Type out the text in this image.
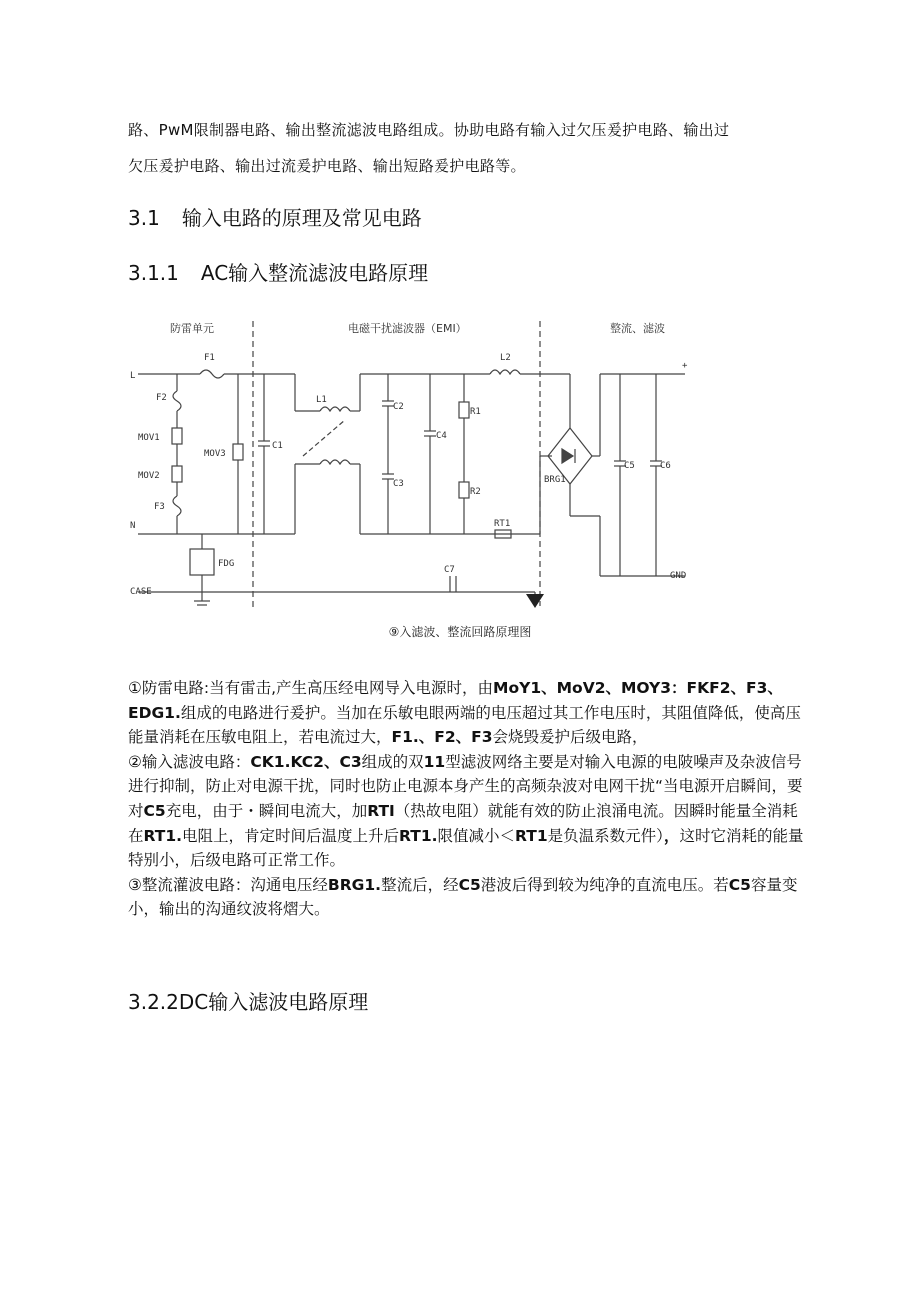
路、PwM限制器电路、输出整流滤波电路组成。协助电路有输入过欠压爰护电路、输出过
欠压爰护电路、输出过流爰护电路、输出短路爰护电路等。
3.1 输入电路的原理及常见电路
3.1.1 AC输入整流滤波电路原理
防雷单元	电磁干扰滤波器（EMI）	整流、滤波
L
N
CASE
GND
+
F1
F2
F3
MOV1
MOV2
MOV3
C1
L1
L2
C2
C3
C4
R1
R2
RT1
C7
BRG1
C5	C6
FDG
⑨入滤波、整流回路原理图

①防雷电路:当有雷击,产生高压经电网导入电源时，由MoY1、MoV2、MOY3：FKF2、F3、EDG1.组成的电路进行爰护。当加在乐敏电眼两端的电压超过其工作电压时，其阻值降低，使高压能量消耗在压敏电阻上，若电流过大，F1.、F2、F3会烧毁爰护后级电路，

②输入滤波电路：CK1.KC2、C3组成的双11型滤波网络主要是对输入电源的电陂噪声及杂波信号进行抑制，防止对电源干扰，同时也防止电源本身产生的高频杂波对电网干扰“当电源开启瞬间，要对C5充电，由于・瞬间电流大，加RTI（热故电阻）就能有效的防止浪涌电流。因瞬时能量全消耗在RT1.电阻上，肯定时间后温度上升后RT1.限值减小＜RT1是负温系数元件），这时它消耗的能量特别小，后级电路可正常工作。

③整流灌波电路：沟通电压经BRG1.整流后，经C5港波后得到较为纯净的直流电压。若C5容量变小，输出的沟通纹波将熠大。

3.2.2DC输入滤波电路原理
